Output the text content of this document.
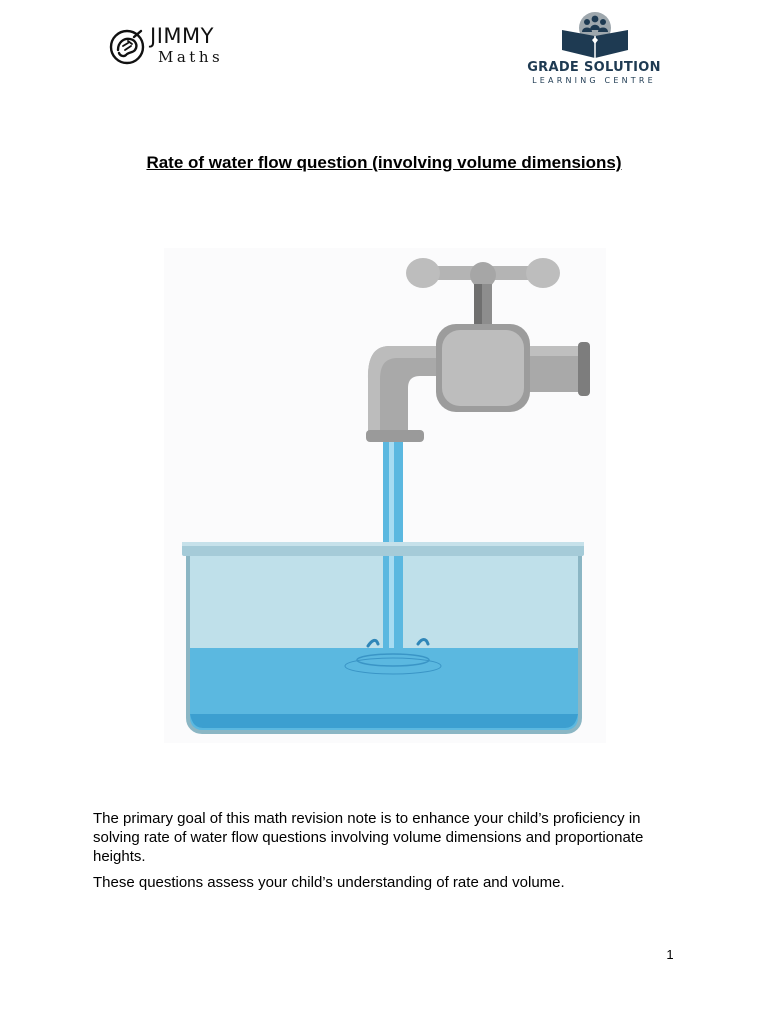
JIMMY
Maths
GRADE SOLUTION
LEARNING CENTRE
Rate of water flow question (involving volume dimensions)

The primary goal of this math revision note is to enhance your child’s proficiency in solving rate of water flow questions involving volume dimensions and proportionate heights.

These questions assess your child’s understanding of rate and volume.

1
